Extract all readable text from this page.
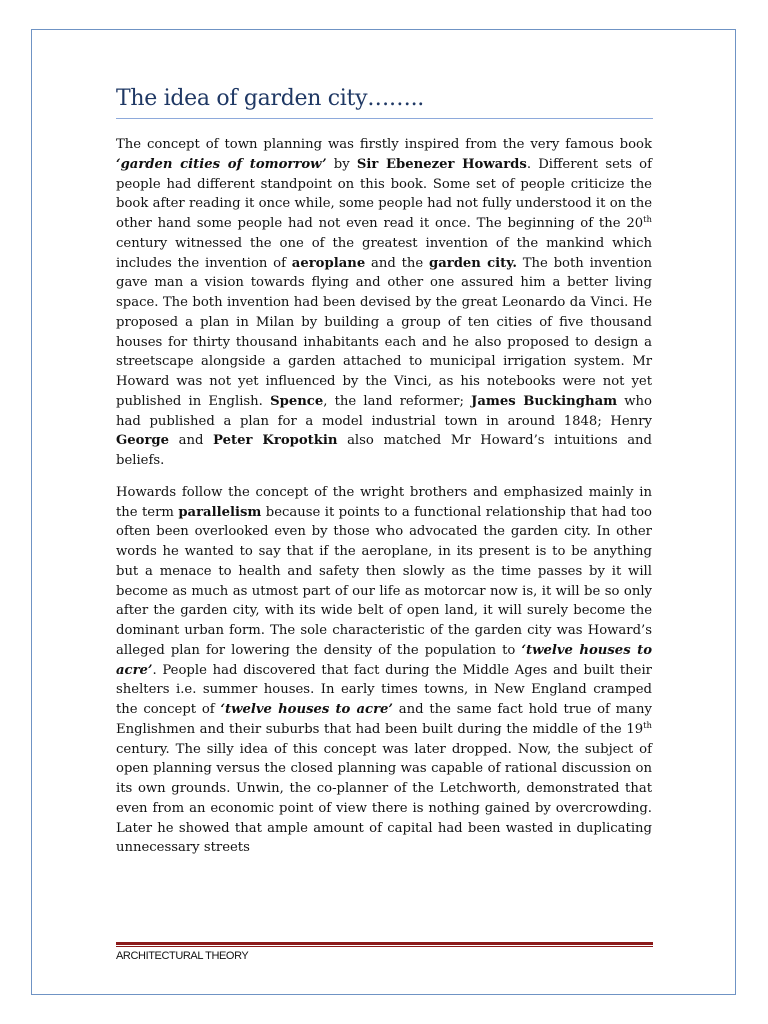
The idea of garden city……..

The concept of town planning was firstly inspired from the very famous book ‘garden cities of tomorrow’ by Sir Ebenezer Howards. Different sets of people had different standpoint on this book. Some set of people criticize the book after reading it once while, some people had not fully understood it on the other hand some people had not even read it once. The beginning of the 20th century witnessed the one of the greatest invention of the mankind which includes the invention of aeroplane and the garden city. The both invention gave man a vision towards flying and other one assured him a better living space. The both invention had been devised by the great Leonardo da Vinci. He proposed a plan in Milan by building a group of ten cities of five thousand houses for thirty thousand inhabitants each and he also proposed to design a streetscape alongside a garden attached to municipal irrigation system. Mr Howard was not yet influenced by the Vinci, as his notebooks were not yet published in English. Spence, the land reformer; James Buckingham who had published a plan for a model industrial town in around 1848; Henry George and Peter Kropotkin also matched Mr Howard’s intuitions and beliefs.

Howards follow the concept of the wright brothers and emphasized mainly in the term parallelism because it points to a functional relationship that had too often been overlooked even by those who advocated the garden city. In other words he wanted to say that if the aeroplane, in its present is to be anything but a menace to health and safety then slowly as the time passes by it will become as much as utmost part of our life as motorcar now is, it will be so only after the garden city, with its wide belt of open land, it will surely become the dominant urban form. The sole characteristic of the garden city was Howard’s alleged plan for lowering the density of the population to ‘twelve houses to acre’. People had discovered that fact during the Middle Ages and built their shelters i.e. summer houses. In early times towns, in New England cramped the concept of ‘twelve houses to acre’ and the same fact hold true of many Englishmen and their suburbs that had been built during the middle of the 19th century. The silly idea of this concept was later dropped. Now, the subject of open planning versus the closed planning was capable of rational discussion on its own grounds. Unwin, the co-planner of the Letchworth, demonstrated that even from an economic point of view there is nothing gained by overcrowding. Later he showed that ample amount of capital had been wasted in duplicating unnecessary streets

ARCHITECTURAL THEORY
